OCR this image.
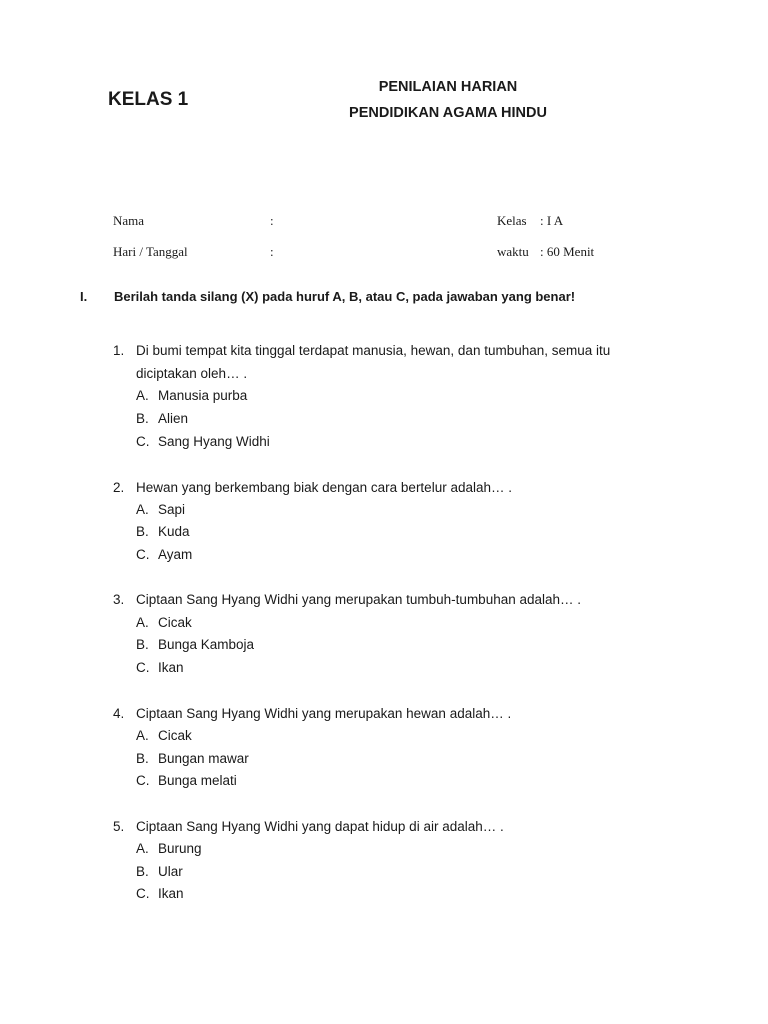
KELAS 1
PENILAIAN HARIAN
PENDIDIKAN AGAMA HINDU
Nama	:	Kelas : I A
Hari / Tanggal	:	waktu : 60 Menit
I. Berilah tanda silang (X) pada huruf A, B, atau C, pada jawaban yang benar!
1. Di bumi tempat kita tinggal terdapat manusia, hewan, dan tumbuhan, semua itu
diciptakan oleh… .
A. Manusia purba
B. Alien
C. Sang Hyang Widhi
2. Hewan yang berkembang biak dengan cara bertelur adalah… .
A. Sapi
B. Kuda
C. Ayam
3. Ciptaan Sang Hyang Widhi yang merupakan tumbuh-tumbuhan adalah… .
A. Cicak
B. Bunga Kamboja
C. Ikan
4. Ciptaan Sang Hyang Widhi yang merupakan hewan adalah… .
A. Cicak
B. Bungan mawar
C. Bunga melati
5. Ciptaan Sang Hyang Widhi yang dapat hidup di air adalah… .
A. Burung
B. Ular
C. Ikan
